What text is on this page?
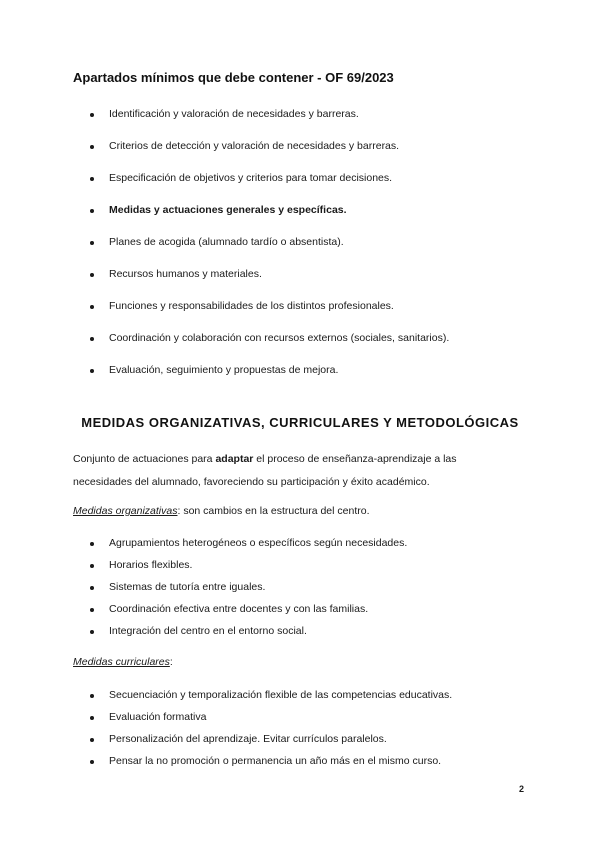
Apartados mínimos que debe contener - OF 69/2023
Identificación y valoración de necesidades y barreras.
Criterios de detección y valoración de necesidades y barreras.
Especificación de objetivos y criterios para tomar decisiones.
Medidas y actuaciones generales y específicas.
Planes de acogida (alumnado tardío o absentista).
Recursos humanos y materiales.
Funciones y responsabilidades de los distintos profesionales.
Coordinación y colaboración con recursos externos (sociales, sanitarios).
Evaluación, seguimiento y propuestas de mejora.
MEDIDAS ORGANIZATIVAS, CURRICULARES Y METODOLÓGICAS
Conjunto de actuaciones para adaptar el proceso de enseñanza-aprendizaje a las
necesidades del alumnado, favoreciendo su participación y éxito académico.
Medidas organizativas: son cambios en la estructura del centro.
Agrupamientos heterogéneos o específicos según necesidades.
Horarios flexibles.
Sistemas de tutoría entre iguales.
Coordinación efectiva entre docentes y con las familias.
Integración del centro en el entorno social.
Medidas curriculares:
Secuenciación y temporalización flexible de las competencias educativas.
Evaluación formativa
Personalización del aprendizaje. Evitar currículos paralelos.
Pensar la no promoción o permanencia un año más en el mismo curso.
2
